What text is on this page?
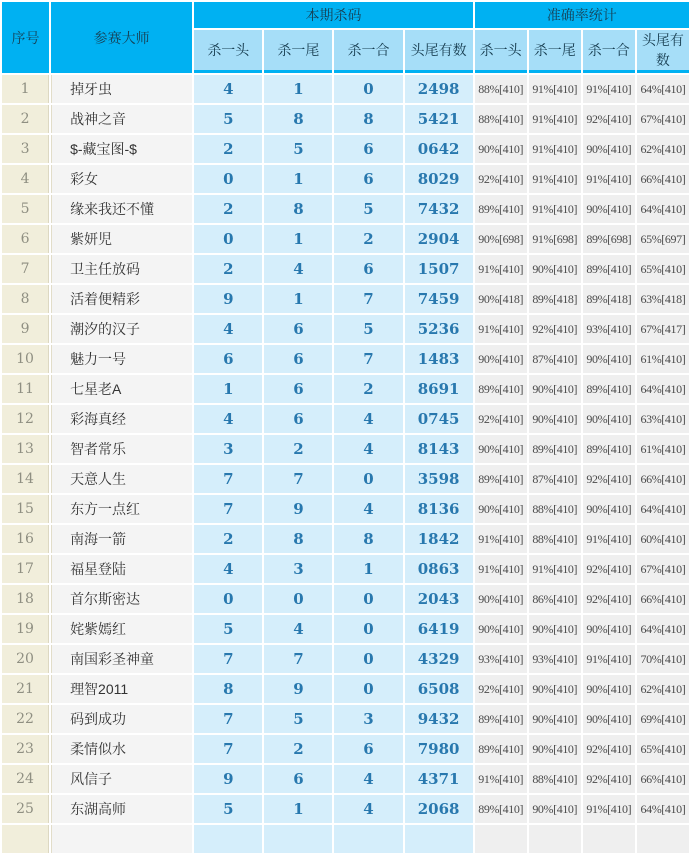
序号	参赛大师	本期杀码				准确率统计			
		杀一头	杀一尾	杀一合	头尾有数	杀一头	杀一尾	杀一合	头尾有数
1	掉牙虫	4	1	0	2498	88%[410]	91%[410]	91%[410]	64%[410]
2	战神之音	5	8	8	5421	88%[410]	91%[410]	92%[410]	67%[410]
3	$-藏宝图-$	2	5	6	0642	90%[410]	91%[410]	90%[410]	62%[410]
4	彩女	0	1	6	8029	92%[410]	91%[410]	91%[410]	66%[410]
5	缘来我还不懂	2	8	5	7432	89%[410]	91%[410]	90%[410]	64%[410]
6	紫妍児	0	1	2	2904	90%[698]	91%[698]	89%[698]	65%[697]
7	卫主任放码	2	4	6	1507	91%[410]	90%[410]	89%[410]	65%[410]
8	活着便精彩	9	1	7	7459	90%[418]	89%[418]	89%[418]	63%[418]
9	潮汐的汉子	4	6	5	5236	91%[410]	92%[410]	93%[410]	67%[417]
10	魅力一号	6	6	7	1483	90%[410]	87%[410]	90%[410]	61%[410]
11	七星老A	1	6	2	8691	89%[410]	90%[410]	89%[410]	64%[410]
12	彩海真经	4	6	4	0745	92%[410]	90%[410]	90%[410]	63%[410]
13	智者常乐	3	2	4	8143	90%[410]	89%[410]	89%[410]	61%[410]
14	天意人生	7	7	0	3598	89%[410]	87%[410]	92%[410]	66%[410]
15	东方一点红	7	9	4	8136	90%[410]	88%[410]	90%[410]	64%[410]
16	南海一箭	2	8	8	1842	91%[410]	88%[410]	91%[410]	60%[410]
17	福星登陆	4	3	1	0863	91%[410]	91%[410]	92%[410]	67%[410]
18	首尔斯密达	0	0	0	2043	90%[410]	86%[410]	92%[410]	66%[410]
19	姹紫嫣红	5	4	0	6419	90%[410]	90%[410]	90%[410]	64%[410]
20	南国彩圣神童	7	7	0	4329	93%[410]	93%[410]	91%[410]	70%[410]
21	理智2011	8	9	0	6508	92%[410]	90%[410]	90%[410]	62%[410]
22	码到成功	7	5	3	9432	89%[410]	90%[410]	90%[410]	69%[410]
23	柔情似水	7	2	6	7980	89%[410]	90%[410]	92%[410]	65%[410]
24	风信子	9	6	4	4371	91%[410]	88%[410]	92%[410]	66%[410]
25	东湖高师	5	1	4	2068	89%[410]	90%[410]	91%[410]	64%[410]
